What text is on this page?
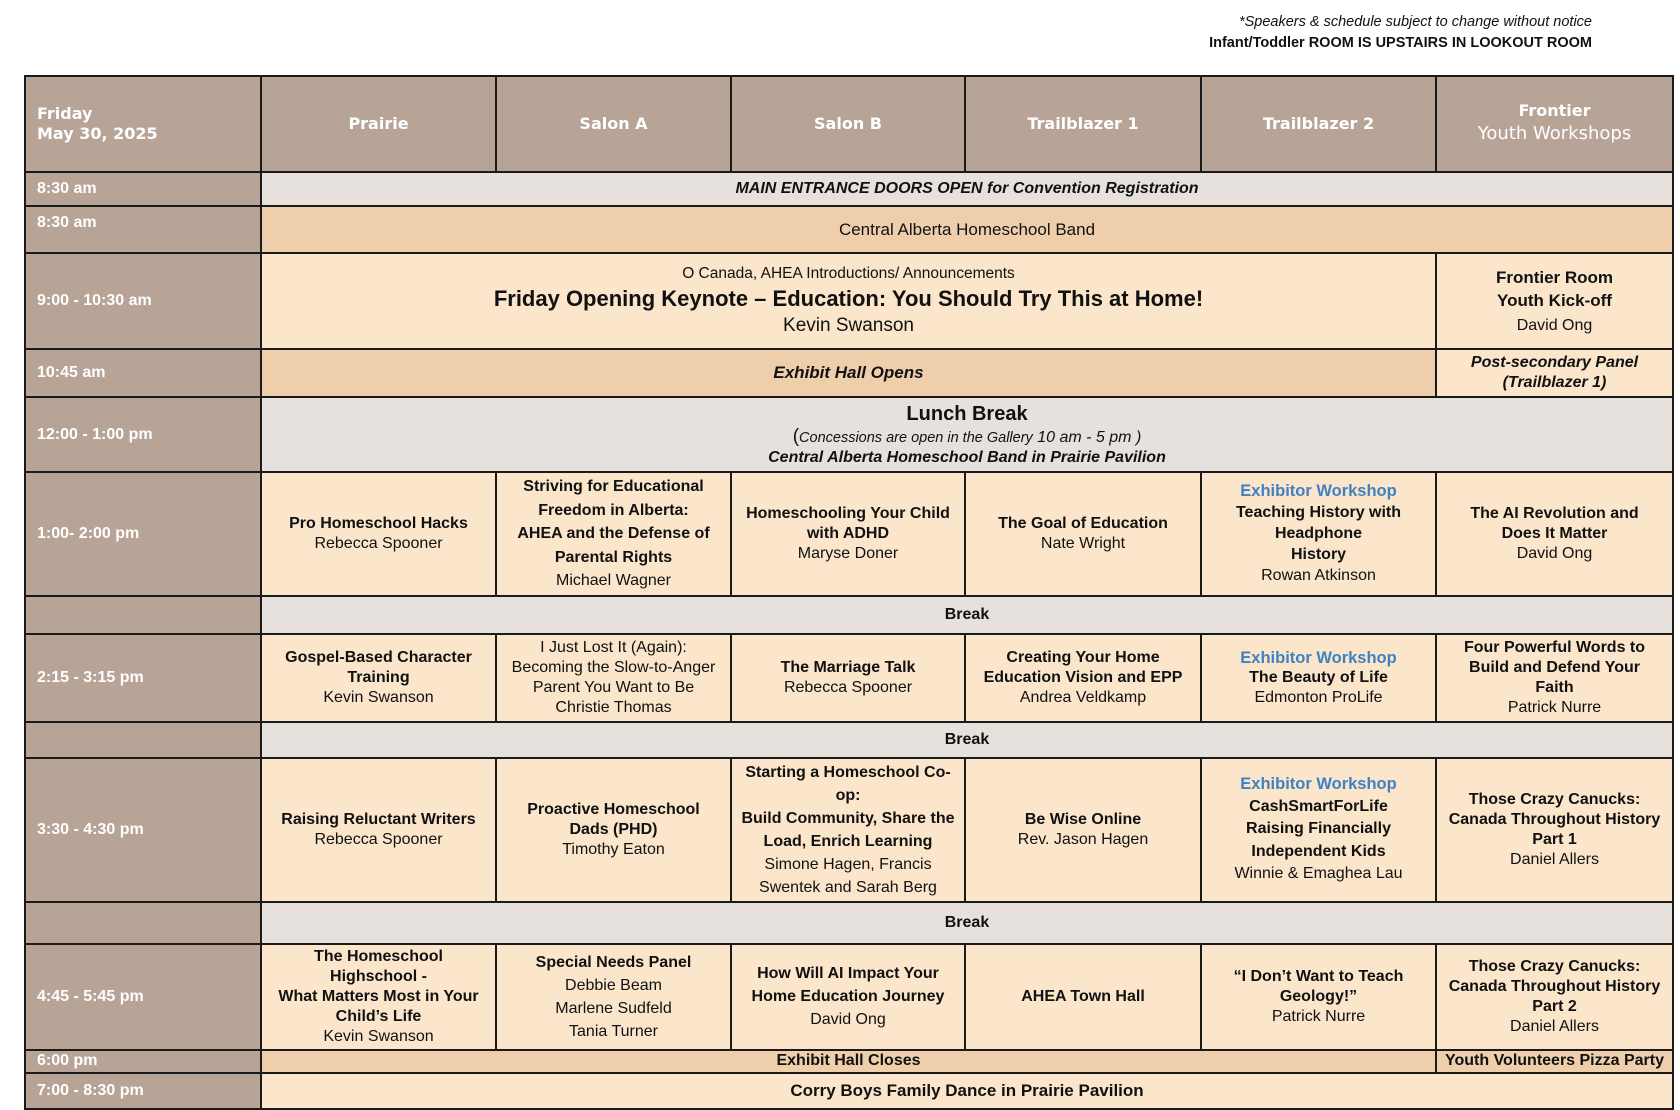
*Speakers & schedule subject to change without notice
Infant/Toddler ROOM IS UPSTAIRS IN LOOKOUT ROOM
Friday
May 30, 2025	Prairie	Salon A	Salon B	Trailblazer 1	Trailblazer 2	Frontier
Youth Workshops

8:30 am	MAIN ENTRANCE DOORS OPEN for Convention Registration					
8:30 am	Central Alberta Homeschool Band					
9:00 - 10:30 am	O Canada, AHEA Introductions/ Announcements
Friday Opening Keynote – Education: You Should Try This at Home!
Kevin Swanson					Frontier Room
Youth Kick-off
David Ong

10:45 am	Exhibit Hall Opens					Post-secondary Panel
(Trailblazer 1)

12:00 - 1:00 pm	Lunch Break
(Concessions are open in the Gallery 10 am - 5 pm )
Central Alberta Homeschool Band in Prairie Pavilion					

1:00- 2:00 pm	Pro Homeschool Hacks
Rebecca Spooner	Striving for Educational
Freedom in Alberta:
AHEA and the Defense of
Parental Rights
Michael Wagner	Homeschooling Your Child
with ADHD
Maryse Doner	The Goal of Education
Nate Wright	Exhibitor Workshop
Teaching History with
Headphone
History
Rowan Atkinson	The AI Revolution and
Does It Matter
David Ong

	Break					
2:15 - 3:15 pm	Gospel-Based Character
Training
Kevin Swanson	I Just Lost It (Again):
Becoming the Slow-to-Anger
Parent You Want to Be
Christie Thomas	The Marriage Talk
Rebecca Spooner	Creating Your Home
Education Vision and EPP
Andrea Veldkamp	Exhibitor Workshop
The Beauty of Life
Edmonton ProLife	Four Powerful Words to
Build and Defend Your
Faith
Patrick Nurre

	Break					
3:30 - 4:30 pm	Raising Reluctant Writers
Rebecca Spooner	Proactive Homeschool
Dads (PHD)
Timothy Eaton	Starting a Homeschool Co-op:
Build Community, Share the
Load, Enrich Learning
Simone Hagen, Francis
Swentek and Sarah Berg	Be Wise Online
Rev. Jason Hagen	Exhibitor Workshop
CashSmartForLife
Raising Financially
Independent Kids
Winnie & Emaghea Lau	Those Crazy Canucks:
Canada Throughout History
Part 1
Daniel Allers

	Break					
4:45 - 5:45 pm	The Homeschool
Highschool -
What Matters Most in Your
Child’s Life
Kevin Swanson	Special Needs Panel
Debbie Beam
Marlene Sudfeld
Tania Turner	How Will AI Impact Your
Home Education Journey
David Ong	AHEA Town Hall	“I Don’t Want to Teach
Geology!”
Patrick Nurre	Those Crazy Canucks:
Canada Throughout History
Part 2
Daniel Allers

6:00 pm	Exhibit Hall Closes					Youth Volunteers Pizza Party
7:00 - 8:30 pm	Corry Boys Family Dance in Prairie Pavilion					
